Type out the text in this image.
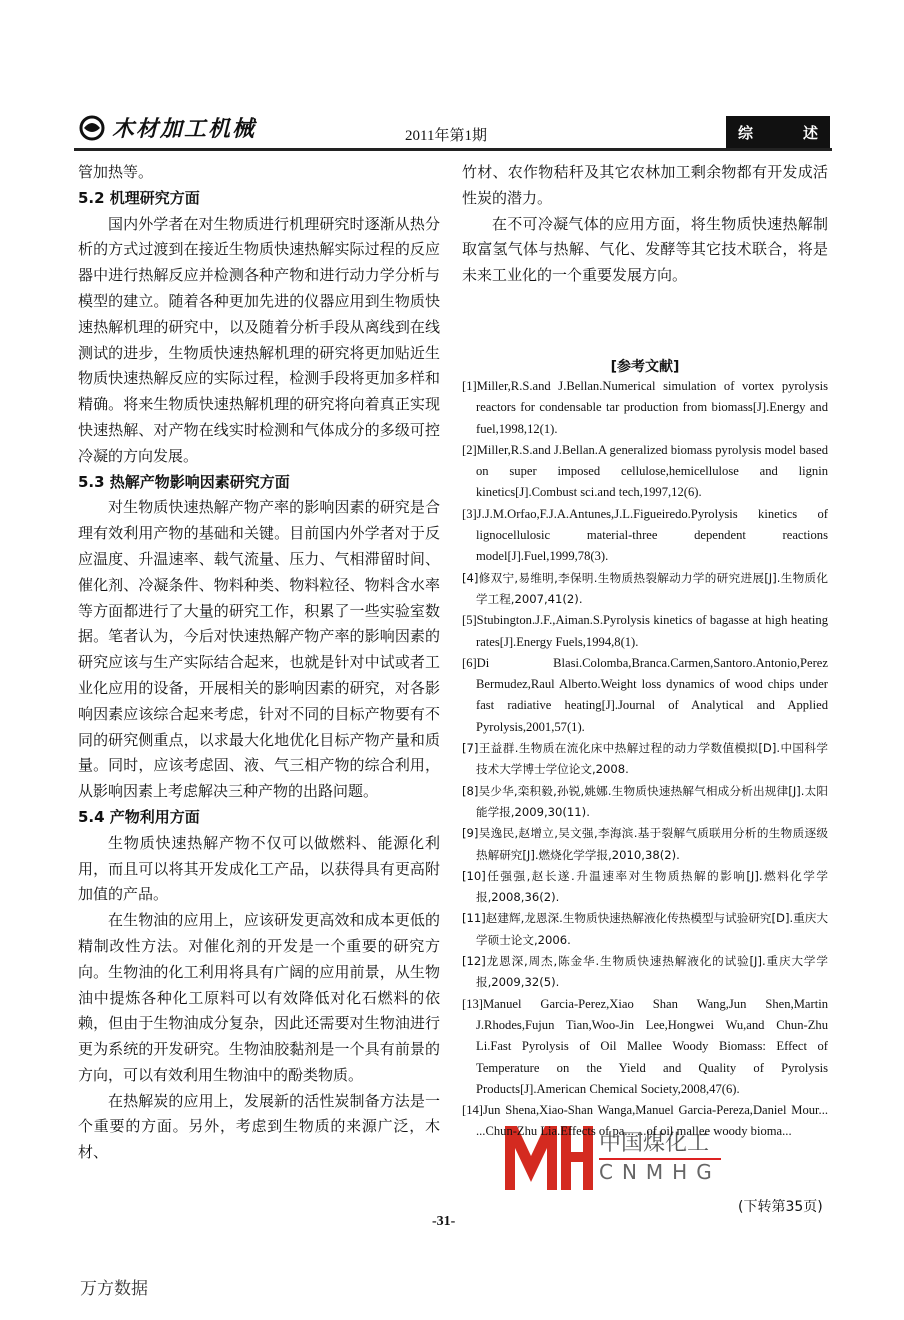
木材加工机械	2011年第1期	综	述

管加热等。

5.2 机理研究方面

国内外学者在对生物质进行机理研究时逐渐从热分析的方式过渡到在接近生物质快速热解实际过程的反应器中进行热解反应并检测各种产物和进行动力学分析与模型的建立。随着各种更加先进的仪器应用到生物质快速热解机理的研究中，以及随着分析手段从离线到在线测试的进步，生物质快速热解机理的研究将更加贴近生物质快速热解反应的实际过程，检测手段将更加多样和精确。将来生物质快速热解机理的研究将向着真正实现快速热解、对产物在线实时检测和气体成分的多级可控冷凝的方向发展。

5.3 热解产物影响因素研究方面

对生物质快速热解产物产率的影响因素的研究是合理有效利用产物的基础和关键。目前国内外学者对于反应温度、升温速率、载气流量、压力、气相滞留时间、催化剂、冷凝条件、物料种类、物料粒径、物料含水率等方面都进行了大量的研究工作，积累了一些实验室数据。笔者认为，今后对快速热解产物产率的影响因素的研究应该与生产实际结合起来，也就是针对中试或者工业化应用的设备，开展相关的影响因素的研究，对各影响因素应该综合起来考虑，针对不同的目标产物要有不同的研究侧重点，以求最大化地优化目标产物产量和质量。同时，应该考虑固、液、气三相产物的综合利用，从影响因素上考虑解决三种产物的出路问题。

5.4 产物利用方面

生物质快速热解产物不仅可以做燃料、能源化利用，而且可以将其开发成化工产品，以获得具有更高附加值的产品。

在生物油的应用上，应该研发更高效和成本更低的精制改性方法。对催化剂的开发是一个重要的研究方向。生物油的化工利用将具有广阔的应用前景，从生物油中提炼各种化工原料可以有效降低对化石燃料的依赖，但由于生物油成分复杂，因此还需要对生物油进行更为系统的开发研究。生物油胶黏剂是一个具有前景的方向，可以有效利用生物油中的酚类物质。

在热解炭的应用上，发展新的活性炭制备方法是一个重要的方面。另外，考虑到生物质的来源广泛，木材、

竹材、农作物秸秆及其它农林加工剩余物都有开发成活性炭的潜力。

在不可冷凝气体的应用方面，将生物质快速热解制取富氢气体与热解、气化、发酵等其它技术联合，将是未来工业化的一个重要发展方向。

[参考文献]
中国煤化工
CNMHG
[1]Miller,R.S.and J.Bellan.Numerical simulation of vortex pyrolysis reactors for condensable tar production from biomass[J].Energy and fuel,1998,12(1).
[2]Miller,R.S.and J.Bellan.A generalized biomass pyrolysis model based on super imposed cellulose,hemicellulose and lignin kinetics[J].Combust sci.and tech,1997,12(6).
[3]J.J.M.Orfao,F.J.A.Antunes,J.L.Figueiredo.Pyrolysis kinetics of lignocellulosic material-three dependent reactions model[J].Fuel,1999,78(3).
[4]修双宁,易维明,李保明.生物质热裂解动力学的研究进展[J].生物质化学工程,2007,41(2).
[5]Stubington.J.F.,Aiman.S.Pyrolysis kinetics of bagasse at high heating rates[J].Energy Fuels,1994,8(1).
[6]Di Blasi.Colomba,Branca.Carmen,Santoro.Antonio,Perez Bermudez,Raul Alberto.Weight loss dynamics of wood chips under fast radiative heating[J].Journal of Analytical and Applied Pyrolysis,2001,57(1).
[7]王益群.生物质在流化床中热解过程的动力学数值模拟[D].中国科学技术大学博士学位论文,2008.
[8]吴少华,栾积毅,孙锐,姚娜.生物质快速热解气相成分析出规律[J].太阳能学报,2009,30(11).
[9]吴逸民,赵增立,吴文强,李海滨.基于裂解气质联用分析的生物质逐级热解研究[J].燃烧化学学报,2010,38(2).
[10]任强强,赵长遂.升温速率对生物质热解的影响[J].燃料化学学报,2008,36(2).
[11]赵建辉,龙恩深.生物质快速热解液化传热模型与试验研究[D].重庆大学硕士论文,2006.
[12]龙恩深,周杰,陈金华.生物质快速热解液化的试验[J].重庆大学学报,2009,32(5).
[13]Manuel Garcia-Perez,Xiao Shan Wang,Jun Shen,Martin J.Rhodes,Fujun Tian,Woo-Jin Lee,Hongwei Wu,and Chun-Zhu Li.Fast Pyrolysis of Oil Mallee Woody Biomass: Effect of Temperature on the Yield and Quality of Pyrolysis Products[J].American Chemical Society,2008,47(6).
[14]Jun Shena,Xiao-Shan Wanga,Manuel Garcia-Pereza,Daniel Mour... ...Chun-Zhu Lia.Effects of pa... ...of oil mallee woody bioma...
(下转第35页)
-31-
万方数据
